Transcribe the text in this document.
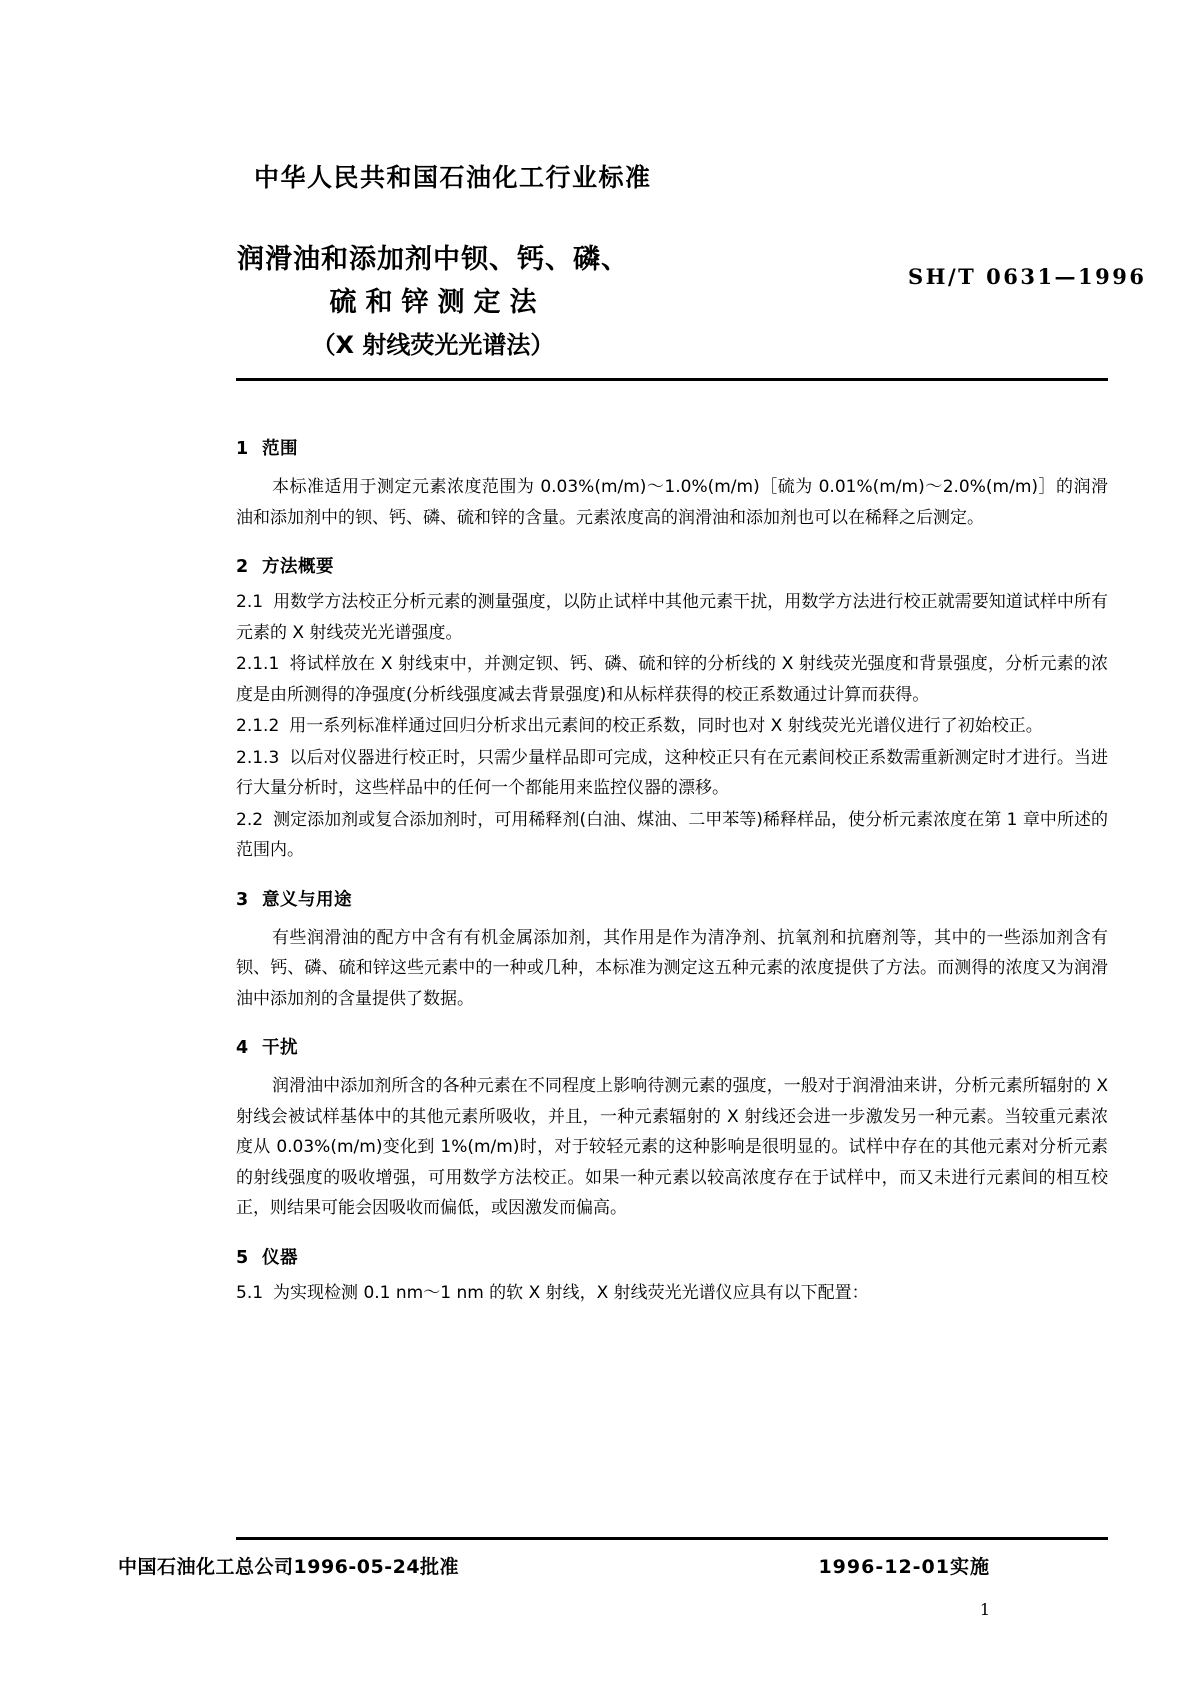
中华人民共和国石油化工行业标准
润滑油和添加剂中钡、钙、磷、
硫和锌测定法
（X 射线荧光光谱法）
SH/T 0631—1996
1 范围

本标准适用于测定元素浓度范围为 0.03%(m/m)～1.0%(m/m)［硫为 0.01%(m/m)～2.0%(m/m)］的润滑油和添加剂中的钡、钙、磷、硫和锌的含量。元素浓度高的润滑油和添加剂也可以在稀释之后测定。

2 方法概要

2.1 用数学方法校正分析元素的测量强度，以防止试样中其他元素干扰，用数学方法进行校正就需要知道试样中所有元素的 X 射线荧光光谱强度。

2.1.1 将试样放在 X 射线束中，并测定钡、钙、磷、硫和锌的分析线的 X 射线荧光强度和背景强度，分析元素的浓度是由所测得的净强度(分析线强度减去背景强度)和从标样获得的校正系数通过计算而获得。

2.1.2 用一系列标准样通过回归分析求出元素间的校正系数，同时也对 X 射线荧光光谱仪进行了初始校正。

2.1.3 以后对仪器进行校正时，只需少量样品即可完成，这种校正只有在元素间校正系数需重新测定时才进行。当进行大量分析时，这些样品中的任何一个都能用来监控仪器的漂移。

2.2 测定添加剂或复合添加剂时，可用稀释剂(白油、煤油、二甲苯等)稀释样品，使分析元素浓度在第 1 章中所述的范围内。

3 意义与用途

有些润滑油的配方中含有有机金属添加剂，其作用是作为清净剂、抗氧剂和抗磨剂等，其中的一些添加剂含有钡、钙、磷、硫和锌这些元素中的一种或几种，本标准为测定这五种元素的浓度提供了方法。而测得的浓度又为润滑油中添加剂的含量提供了数据。

4 干扰

润滑油中添加剂所含的各种元素在不同程度上影响待测元素的强度，一般对于润滑油来讲，分析元素所辐射的 X 射线会被试样基体中的其他元素所吸收，并且，一种元素辐射的 X 射线还会进一步激发另一种元素。当较重元素浓度从 0.03%(m/m)变化到 1%(m/m)时，对于较轻元素的这种影响是很明显的。试样中存在的其他元素对分析元素的射线强度的吸收增强，可用数学方法校正。如果一种元素以较高浓度存在于试样中，而又未进行元素间的相互校正，则结果可能会因吸收而偏低，或因激发而偏高。

5 仪器

5.1 为实现检测 0.1 nm～1 nm 的软 X 射线，X 射线荧光光谱仪应具有以下配置：

中国石油化工总公司1996-05-24批准	1996-12-01实施
1
